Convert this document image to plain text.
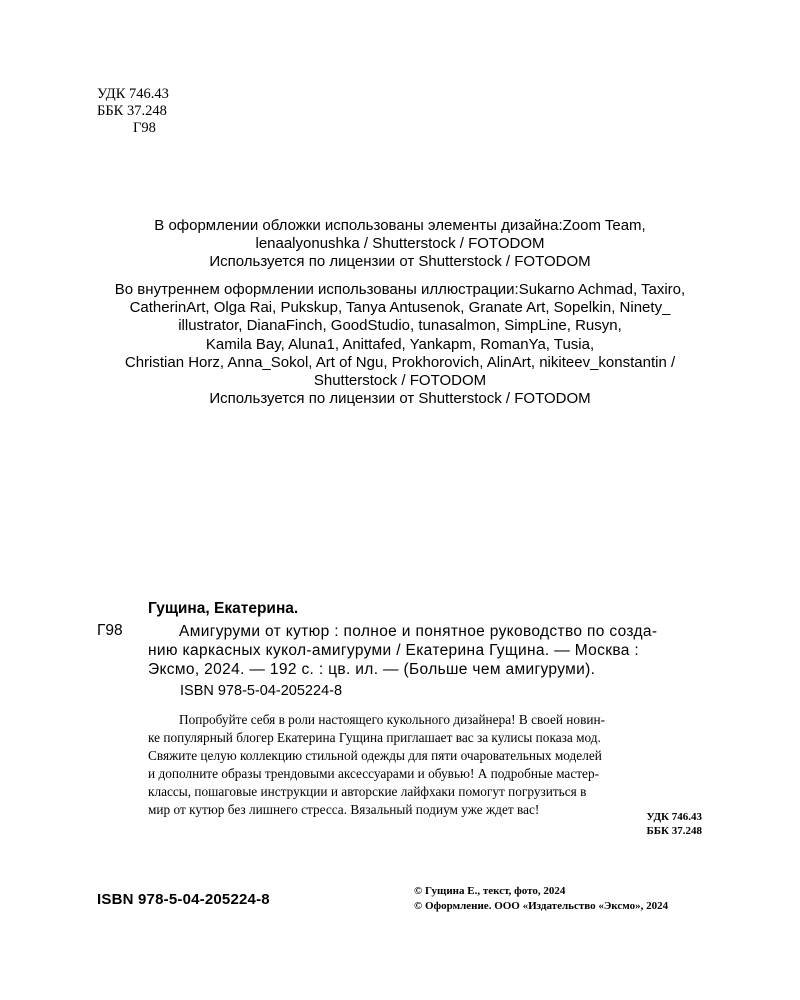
УДК 746.43
ББК 37.248
Г98
В оформлении обложки использованы элементы дизайна:Zoom Team,
lenaalyonushka / Shutterstock / FOTODOM
Используется по лицензии от Shutterstock / FOTODOM
Во внутреннем оформлении использованы иллюстрации:Sukarno Achmad, Taxiro,
CatherinArt, Olga Rai, Pukskup, Tanya Antusenok, Granate Art, Sopelkin, Ninety_
illustrator, DianaFinch, GoodStudio, tunasalmon, SimpLine, Rusyn,
Kamila Bay, Aluna1, Anittafed, Yankapm, RomanYa, Tusia,
Christian Horz, Anna_Sokol, Art of Ngu, Prokhorovich, AlinArt, nikiteev_konstantin /
Shutterstock / FOTODOM
Используется по лицензии от Shutterstock / FOTODOM
Гущина, Екатерина.
Г98	Амигуруми от кутюр : полное и понятное руководство по созда-
нию каркасных кукол-амигуруми / Екатерина Гущина. — Москва :
Эксмо, 2024. — 192 с. : цв. ил. — (Больше чем амигуруми).
ISBN 978-5-04-205224-8
Попробуйте себя в роли настоящего кукольного дизайнера! В своей новин-
ке популярный блогер Екатерина Гущина приглашает вас за кулисы показа мод.
Свяжите целую коллекцию стильной одежды для пяти очаровательных моделей
и дополните образы трендовыми аксессуарами и обувью! А подробные мастер-
классы, пошаговые инструкции и авторские лайфхаки помогут погрузиться в
мир от кутюр без лишнего стресса. Вязальный подиум уже ждет вас!	УДК 746.43
ББК 37.248
ISBN 978-5-04-205224-8	© Гущина Е., текст, фото, 2024
© Оформление. ООО «Издательство «Эксмо», 2024
